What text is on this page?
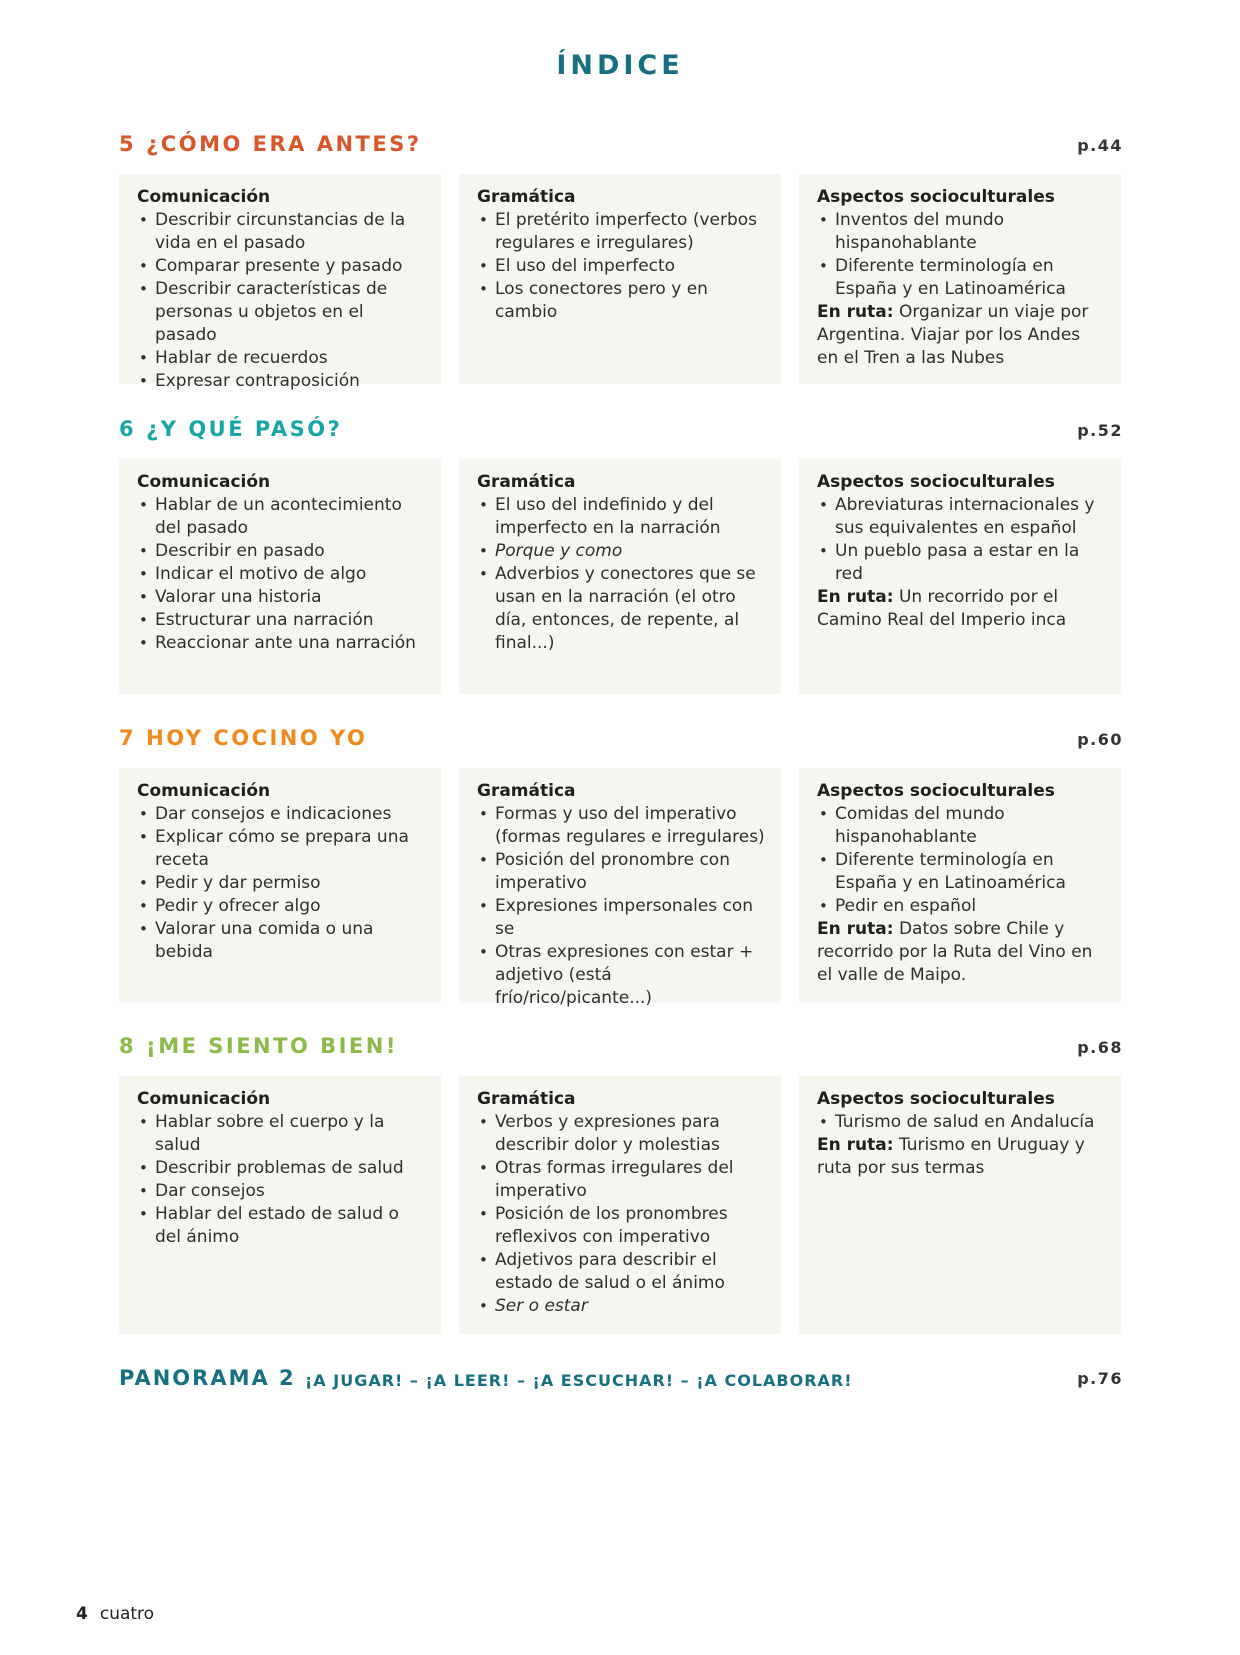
ÍNDICE
5 ¿CÓMO ERA ANTES?	p.44
Comunicación
• Describir circunstancias de la vida en el pasado
• Comparar presente y pasado
• Describir características de personas u objetos en el pasado
• Hablar de recuerdos
• Expresar contraposición
Gramática
• El pretérito imperfecto (verbos regulares e irregulares)
• El uso del imperfecto
• Los conectores pero y en cambio
Aspectos socioculturales
• Inventos del mundo hispanohablante
• Diferente terminología en España y en Latinoamérica

En ruta: Organizar un viaje por Argentina. Viajar por los Andes en el Tren a las Nubes

6 ¿Y QUÉ PASÓ?	p.52
Comunicación
• Hablar de un acontecimiento del pasado
• Describir en pasado
• Indicar el motivo de algo
• Valorar una historia
• Estructurar una narración
• Reaccionar ante una narración
Gramática
• El uso del indefinido y del imperfecto en la narración
• Porque y como
• Adverbios y conectores que se usan en la narración (el otro día, entonces, de repente, al final...)
Aspectos socioculturales
• Abreviaturas internacionales y sus equivalentes en español
• Un pueblo pasa a estar en la red

En ruta: Un recorrido por el Camino Real del Imperio inca

7 HOY COCINO YO	p.60
Comunicación
• Dar consejos e indicaciones
• Explicar cómo se prepara una receta
• Pedir y dar permiso
• Pedir y ofrecer algo
• Valorar una comida o una bebida
Gramática
• Formas y uso del imperativo (formas regulares e irregulares)
• Posición del pronombre con imperativo
• Expresiones impersonales con se
• Otras expresiones con estar + adjetivo (está frío/rico/picante...)
Aspectos socioculturales
• Comidas del mundo hispanohablante
• Diferente terminología en España y en Latinoamérica
• Pedir en español

En ruta: Datos sobre Chile y recorrido por la Ruta del Vino en el valle de Maipo.

8 ¡ME SIENTO BIEN!	p.68
Comunicación
• Hablar sobre el cuerpo y la salud
• Describir problemas de salud
• Dar consejos
• Hablar del estado de salud o del ánimo
Gramática
• Verbos y expresiones para describir dolor y molestias
• Otras formas irregulares del imperativo
• Posición de los pronombres reflexivos con imperativo
• Adjetivos para describir el estado de salud o el ánimo
• Ser o estar
Aspectos socioculturales
• Turismo de salud en Andalucía

En ruta: Turismo en Uruguay y ruta por sus termas

PANORAMA 2 ¡A JUGAR! – ¡A LEER! – ¡A ESCUCHAR! – ¡A COLABORAR!	p.76
4 cuatro
